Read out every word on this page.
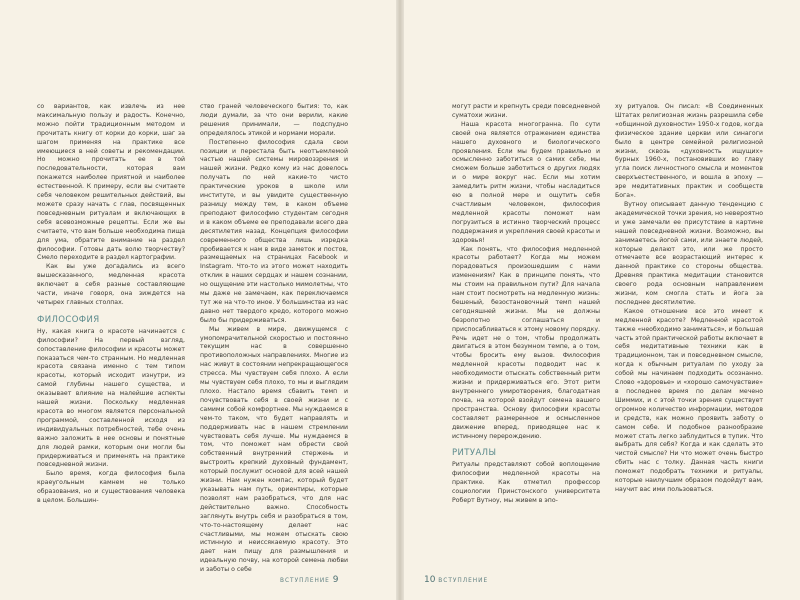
со вариантов, как извлечь из нее максимальную пользу и радость. Конечно, можно пойти традиционным методом и прочитать книгу от корки до корки, шаг за шагом применяя на практике все имеющиеся в ней советы и рекомендации. Но можно прочитать ее в той последовательности, которая вам покажется наиболее приятной и наиболее естественной. К примеру, если вы считаете себя человеком решительных действий, вы можете сразу начать с глав, посвященных повседневным ритуалам и включающих в себя всевозможные рецепты. Если же вы считаете, что вам больше необходима пища для ума, обратите внимание на раздел философии. Готовы дать волю творчеству? Смело переходите в раздел картографии.

Как вы уже догадались из всего вышесказанного, медленная красота включает в себя разные составляющие части, иначе говоря, она зиждется на четырех главных столпах.

ФИЛОСОФИЯ

Ну, какая книга о красоте начинается с философии? На первый взгляд, сопоставление философии и красоты может показаться чем-то странным. Но медленная красота связана именно с тем типом красоты, который исходит изнутри, из самой глубины нашего существа, и оказывает влияние на малейшие аспекты нашей жизни. Поскольку медленная красота во многом является персональной программой, составленной исходя из индивидуальных потребностей, тебе очень важно заложить в нее основы и понятные для людей рамки, которым они могли бы придерживаться и применять на практике повседневной жизни.

Было время, когда философия была краеугольным камнем не только образования, но и существования человека в целом. Большин-

ство граней человеческого бытия: то, как люди думали, за что они верили, какие решения принимали, — подспудно определялось этикой и нормами морали.

Постепенно философия сдала свои позиции и перестала быть неотъемлемой частью нашей системы мировоззрения и нашей жизни. Редко кому из нас довелось получать по ней какие-то чисто практические уроков в школе или институте, и вы увидите существенную разницу между тем, в каком объеме преподают философию студентам сегодня и в каком объеме ее преподавали всего два десятилетия назад. Концепция философии современного общества лишь изредка пробивается к нам в виде заметок и постов, размещаемых на страницах Facebook и Instagram. Что-то из этого может находить отклик в наших сердцах и нашем сознании, но ощущение эти настолько мимолетны, что мы даже не замечаем, как переключаемся тут же на что-то иное. У большинства из нас давно нет твердого кредо, которого можно было бы придерживаться.

Мы живем в мире, движущемся с умопомрачительной скоростью и постоянно текущим нас в совершенно противоположных направлениях. Многие из нас живут в состоянии непрекращающегося стресса. Мы чувствуем себя плохо. А если мы чувствуем себя плохо, то мы и выглядим плохо. Настало время сбавить темп и почувствовать себя в своей жизни и с самими собой комфортнее. Мы нуждаемся в чем-то таком, что будет направлять и поддерживать нас в нашем стремлении чувствовать себя лучше. Мы нуждаемся в том, что поможет нам обрести свой собственный внутренний стержень и выстроить крепкий духовный фундамент, который послужит основой для всей нашей жизни. Нам нужен компас, который будет указывать нам путь, ориентиры, которые позволят нам разобраться, что для нас действительно важно. Способность заглянуть внутрь себя и разобраться в том, что-то-настоящему делает нас счастливыми, мы можем отыскать свою истинную и неиссякаемую красоту. Это дает нам пищу для размышления и идеальную почву, на которой семена любви и заботы о себе

ВСТУПЛЕНИЕ 9

могут расти и крепнуть среди повседневной суматохи жизни.

Наша красота многогранна. По сути своей она является отражением единства нашего духовного и биологического проявления. Если мы будем правильно и осмысленно заботиться о самих себе, мы сможем больше заботиться о других людях и о мире вокруг нас. Если мы хотим замедлить ритм жизни, чтобы насладиться ею в полной мере и ощутить себя счастливым человеком, философия медленной красоты поможет нам погрузиться в истинно творческий процесс поддержания и укрепления своей красоты и здоровья!

Как понять, что философия медленной красоты работает? Когда мы можем порадоваться произошедшим с нами изменениям? Как в принципе понять, что мы стоим на правильном пути? Для начала нам стоит посмотреть на медленную жизнь: бешеный, безостановочный темп нашей сегодняшней жизни. Мы не должны безропотно соглашаться и приспосабливаться к этому новому порядку. Речь идет не о том, чтобы продолжать двигаться в этом безумном темпе, а о том, чтобы бросить ему вызов. Философия медленной красоты подводит нас к необходимости отыскать собственный ритм жизни и придерживаться его. Этот ритм внутреннего умиротворения, благодатная почва, на которой взойдут семена вашего пространства. Основу философии красоты составляет размеренное и осмысленное движение вперед, приводящее нас к истинному перерождению.

РИТУАЛЫ

Ритуалы представляют собой воплощение философии медленной красоты на практике. Как отметил профессор социологии Принстонского университета Роберт Вутноу, мы живем в эпо-

ху ритуалов. Он писал: «В Соединенных Штатах религиозная жизнь разрешила себе «общинной духовности» 1950-х годов, когда физическое здание церкви или синагоги было в центре семейной религиозной жизни, сквозь «духовность ищущих» бурных 1960-х, постановивших во главу угла поиск личностного смысла и моментов сверхъестественного, и вошла в эпоху — эре медитативных практик и сообществ Бога».

Вутноу описывает данную тенденцию с академической точки зрения, но невероятно и уже замечали ее присутствие в картине нашей повседневной жизни. Возможно, вы занимаетесь йогой сами, или знаете людей, которые делают это, или же просто отмечаете все возрастающий интерес к данной практике со стороны общества. Древняя практика медитации становится своего рода основным направлением жизни, ком смогла стать и йога за последнее десятилетие.

Какое отношение все это имеет к медленной красоте? Медленной красотой также «необходимо заниматься», и большая часть этой практической работы включает в себя медитативные техники как в традиционном, так и повседневном смысле, когда к обычным ритуалам по уходу за собой мы начинаем подходить осознанно. Слово «здоровье» и «хорошо самочувствие» в последнее время по делам мечено Шиммих, и с этой точки зрения существует огромное количество информации, методов и средств, как можно проявить заботу о самом себе. И подобное разнообразие может стать легко заблудиться в тупик. Что выбрать для себя? Когда и как сделать это чистой смысле? Ни что может очень быстро сбить нас с толку. Данная часть книги поможет подобрать техники и ритуалы, которые наилучшим образом подойдут вам, научит вас ими пользоваться.

10 ВСТУПЛЕНИЕ
